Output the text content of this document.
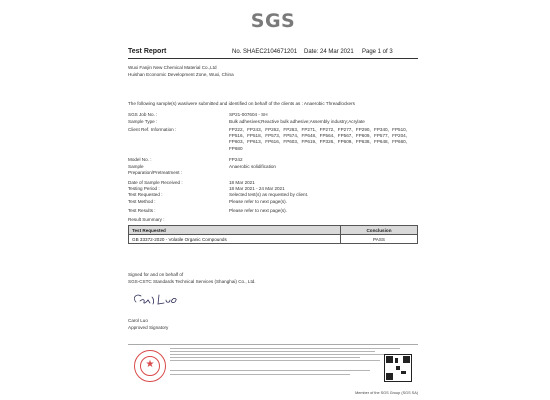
SGS
Test Report	No. SHAEC2104671201 Date: 24 Mar 2021 Page 1 of 3
Wuxi Fanjin New Chemical Material Co.,Ltd
Huishan Economic Development Zone, Wuxi, China
The following sample(s) was/were submitted and identified on behalf of the clients as : Anaerobic Threadlockers
SGS Job No. :	SP21-007604 - SH
Sample Type :	Bulk adhesives;Reactive bulk adhesive;Assembly industry;Acrylate
Client Ref. Information :	FP222、FP243、FP262、FP263、FP271、FP272、FP277、FP290、FP340、FP510、FP516、FP518、FP573、FP574、FP648、FP564、FP567、FP609、FP577、FP204、FP603、FP613、FP616、FP603、FP619、FP326、FP609、FP638、FP648、FP660、FP680
Model No. :	FP242
Sample	Anaerobic solidification
Preparation/Pretreatment :
Date of Sample Received :	18 Mar 2021
Testing Period :	18 Mar 2021 - 24 Mar 2021
Test Requested :	Selected test(s) as requested by client.
Test Method :	Please refer to next page(s).
Test Results :	Please refer to next page(s).
Result Summary :
Test Requested	Conclusion
GB 33372-2020 - Volatile Organic Compounds	PASS
Signed for and on behalf of
SGS-CSTC Standards Technical Services (Shanghai) Co., Ltd.
Carol Luo
Approved Signatory
★
Member of the SGS Group (SGS SA)
